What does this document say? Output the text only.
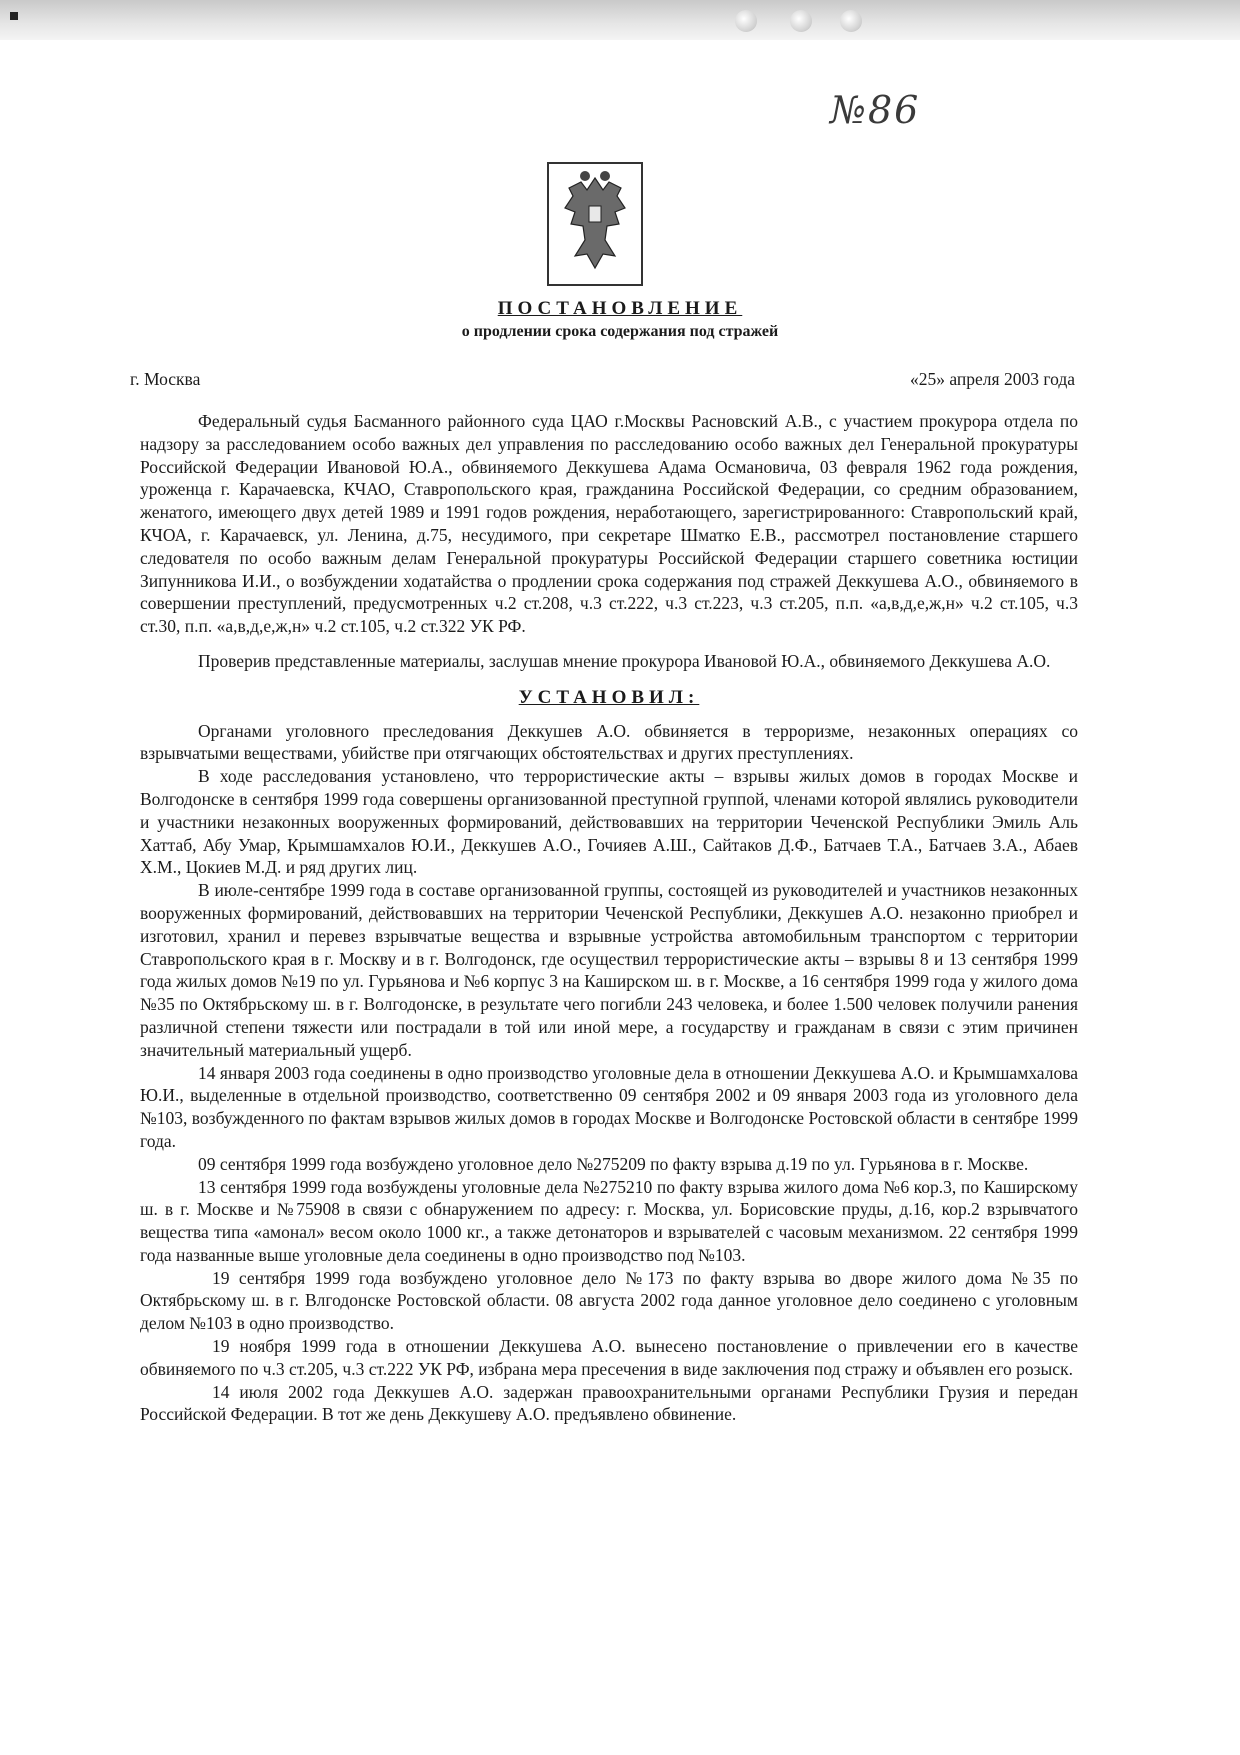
№86
ПОСТАНОВЛЕНИЕ
о продлении срока содержания под стражей
г. Москва	«25» апреля 2003 года

Федеральный судья Басманного районного суда ЦАО г.Москвы Расновский А.В., с участием прокурора отдела по надзору за расследованием особо важных дел управления по расследованию особо важных дел Генеральной прокуратуры Российской Федерации Ивановой Ю.А., обвиняемого Деккушева Адама Османовича, 03 февраля 1962 года рождения, уроженца г. Карачаевска, КЧАО, Ставропольского края, гражданина Российской Федерации, со средним образованием, женатого, имеющего двух детей 1989 и 1991 годов рождения, неработающего, зарегистрированного: Ставропольский край, КЧОА, г. Карачаевск, ул. Ленина, д.75, несудимого, при секретаре Шматко Е.В., рассмотрел постановление старшего следователя по особо важным делам Генеральной прокуратуры Российской Федерации старшего советника юстиции Зипунникова И.И., о возбуждении ходатайства о продлении срока содержания под стражей Деккушева А.О., обвиняемого в совершении преступлений, предусмотренных ч.2 ст.208, ч.3 ст.222, ч.3 ст.223, ч.3 ст.205, п.п. «а,в,д,е,ж,н» ч.2 ст.105, ч.3 ст.30, п.п. «а,в,д,е,ж,н» ч.2 ст.105, ч.2 ст.322 УК РФ.

Проверив представленные материалы, заслушав мнение прокурора Ивановой Ю.А., обвиняемого Деккушева А.О.

УСТАНОВИЛ:

Органами уголовного преследования Деккушев А.О. обвиняется в терроризме, незаконных операциях со взрывчатыми веществами, убийстве при отягчающих обстоятельствах и других преступлениях.

В ходе расследования установлено, что террористические акты – взрывы жилых домов в городах Москве и Волгодонске в сентября 1999 года совершены организованной преступной группой, членами которой являлись руководители и участники незаконных вооруженных формирований, действовавших на территории Чеченской Республики Эмиль Аль Хаттаб, Абу Умар, Крымшамхалов Ю.И., Деккушев А.О., Гочияев А.Ш., Сайтаков Д.Ф., Батчаев Т.А., Батчаев З.А., Абаев Х.М., Цокиев М.Д. и ряд других лиц.

В июле-сентябре 1999 года в составе организованной группы, состоящей из руководителей и участников незаконных вооруженных формирований, действовавших на территории Чеченской Республики, Деккушев А.О. незаконно приобрел и изготовил, хранил и перевез взрывчатые вещества и взрывные устройства автомобильным транспортом с территории Ставропольского края в г. Москву и в г. Волгодонск, где осуществил террористические акты – взрывы 8 и 13 сентября 1999 года жилых домов №19 по ул. Гурьянова и №6 корпус 3 на Каширском ш. в г. Москве, а 16 сентября 1999 года у жилого дома №35 по Октябрьскому ш. в г. Волгодонске, в результате чего погибли 243 человека, и более 1.500 человек получили ранения различной степени тяжести или пострадали в той или иной мере, а государству и гражданам в связи с этим причинен значительный материальный ущерб.

14 января 2003 года соединены в одно производство уголовные дела в отношении Деккушева А.О. и Крымшамхалова Ю.И., выделенные в отдельной производство, соответственно 09 сентября 2002 и 09 января 2003 года из уголовного дела №103, возбужденного по фактам взрывов жилых домов в городах Москве и Волгодонске Ростовской области в сентябре 1999 года.

09 сентября 1999 года возбуждено уголовное дело №275209 по факту взрыва д.19 по ул. Гурьянова в г. Москве.

13 сентября 1999 года возбуждены уголовные дела №275210 по факту взрыва жилого дома №6 кор.3, по Каширскому ш. в г. Москве и №75908 в связи с обнаружением по адресу: г. Москва, ул. Борисовские пруды, д.16, кор.2 взрывчатого вещества типа «амонал» весом около 1000 кг., а также детонаторов и взрывателей с часовым механизмом. 22 сентября 1999 года названные выше уголовные дела соединены в одно производство под №103.

19 сентября 1999 года возбуждено уголовное дело №173 по факту взрыва во дворе жилого дома №35 по Октябрьскому ш. в г. Влгодонске Ростовской области. 08 августа 2002 года данное уголовное дело соединено с уголовным делом №103 в одно производство.

19 ноября 1999 года в отношении Деккушева А.О. вынесено постановление о привлечении его в качестве обвиняемого по ч.3 ст.205, ч.3 ст.222 УК РФ, избрана мера пресечения в виде заключения под стражу и объявлен его розыск.

14 июля 2002 года Деккушев А.О. задержан правоохранительными органами Республики Грузия и передан Российской Федерации. В тот же день Деккушеву А.О. предъявлено обвинение.
